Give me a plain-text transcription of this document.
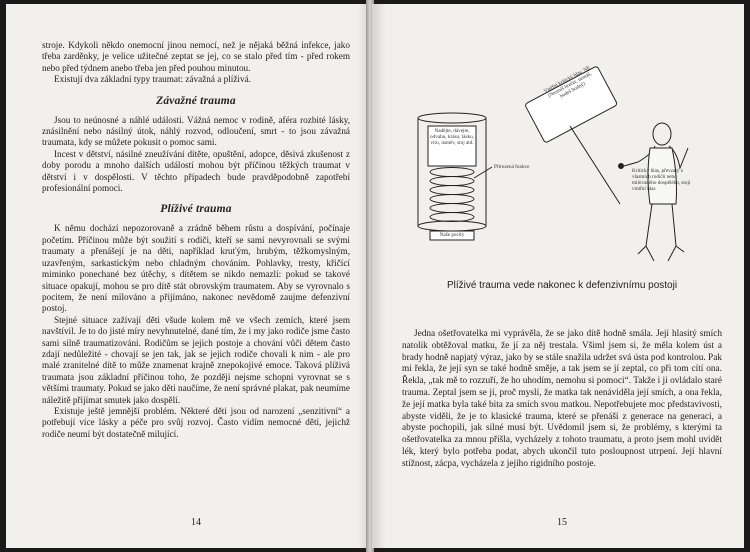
stroje. Kdykoli někdo onemocní jinou nemocí, než je nějaká běžná infekce, jako třeba zarděnky, je velice užitečné zeptat se jej, co se stalo před tím - před rokem nebo před týdnem anebo třeba jen před pouhou minutou.

Existují dva základní typy traumat: závažná a plíživá.

Závažné trauma

Jsou to neúnosné a náhlé události. Vážná nemoc v rodině, aféra rozbité lásky, znásilnění nebo násilný útok, náhlý rozvod, odloučení, smrt - to jsou závažná traumata, kdy se můžete pokusit o pomoc sami.

Incest v dětství, násilné zneužívání dítěte, opuštění, adopce, děsivá zkušenost z doby porodu a mnoho dalších událostí mohou být příčinou těžkých traumat v dětství i v dospělosti. V těchto případech bude pravděpodobně zapotřebí profesionální pomoci.

Plíživé trauma

K němu dochází nepozorovaně a zrádně během růstu a dospívání, počínaje početím. Příčinou může být soužití s rodiči, kteří se sami nevyrovnali se svými traumaty a přenášejí je na děti, například kruťým, hrubým, těžkomyslným, uzavřeným, sarkastickým nebo chladným chováním. Pohlavky, tresty, křičící miminko ponechané bez útěchy, s dítětem se nikdo nemazlí: pokud se takové situace opakují, mohou se pro dítě stát obrovským traumatem. Aby se vyrovnalo s pocitem, že není milováno a přijímáno, nakonec nevědomě zaujme defenzivní postoj.

Stejné situace zažívají děti všude kolem mě ve všech zemích, které jsem navštívil. Je to do jisté míry nevyhnutelné, dané tím, že i my jako rodiče jsme často sami silně traumatizováni. Rodičům se jejich postoje a chování vůči dětem často zdají nedůležité - chovají se jen tak, jak se jejich rodiče chovali k nim - ale pro malé zranitelné dítě to může znamenat krajně znepokojivé emoce. Taková plíživá traumata jsou základní příčinou toho, že později nejsme schopni vyrovnat se s většími traumaty. Pokud se jako děti naučíme, že není správné plakat, pak neumíme náležitě přijímat smutek jako dospělí.

Existuje ještě jemnější problém. Některé děti jsou od narození „senzitivní“ a potřebují více lásky a péče pro svůj rozvoj. Často vidím nemocné děti, jejichž rodiče neumí být dostatečně milující.

14
Vnitřní kritický hlas: NE (Nesmíš brečet, nemáš, budeš hodný)
Nadějte, dávejte, odvahu, krásu, lásku, víru, úsměv, stoj atd.
Přirozená funkce
Naše pocity
Kritický hlas, převzatý z vlastních rodičů nebo milovaného dospělého, stojí vnitřní hlas
Plíživé trauma vede nakonec k defenzivnímu postoji

Jedna ošetřovatelka mi vyprávěla, že se jako dítě hodně smála. Její hlasitý smích natolik obtěžoval matku, že jí za něj trestala. Všiml jsem si, že měla kolem úst a brady hodně napjatý výraz, jako by se stále snažila udržet svá ústa pod kontrolou. Pak mi řekla, že její syn se také hodně směje, a tak jsem se jí zeptal, co při tom cítí ona. Řekla, „tak mě to rozzuří, že ho uhodím, nemohu si pomoci“. Takže i ji ovládalo staré trauma. Zeptal jsem se jí, proč myslí, že matka tak nenáviděla její smích, a ona řekla, že její matka byla také bita za smích svou matkou. Nepotřebujete moc představivosti, abyste viděli, že je to klasické trauma, které se přenáší z generace na generaci, a abyste pochopili, jak silné musí být. Uvědomil jsem si, že problémy, s kterými ta ošetřovatelka za mnou přišla, vycházely z tohoto traumatu, a proto jsem mohl uvidět lék, který bylo potřeba podat, abych ukončil tuto posloupnost utrpení. Její hlavní stížnost, zácpa, vycházela z jejího rigidního postoje.

15
